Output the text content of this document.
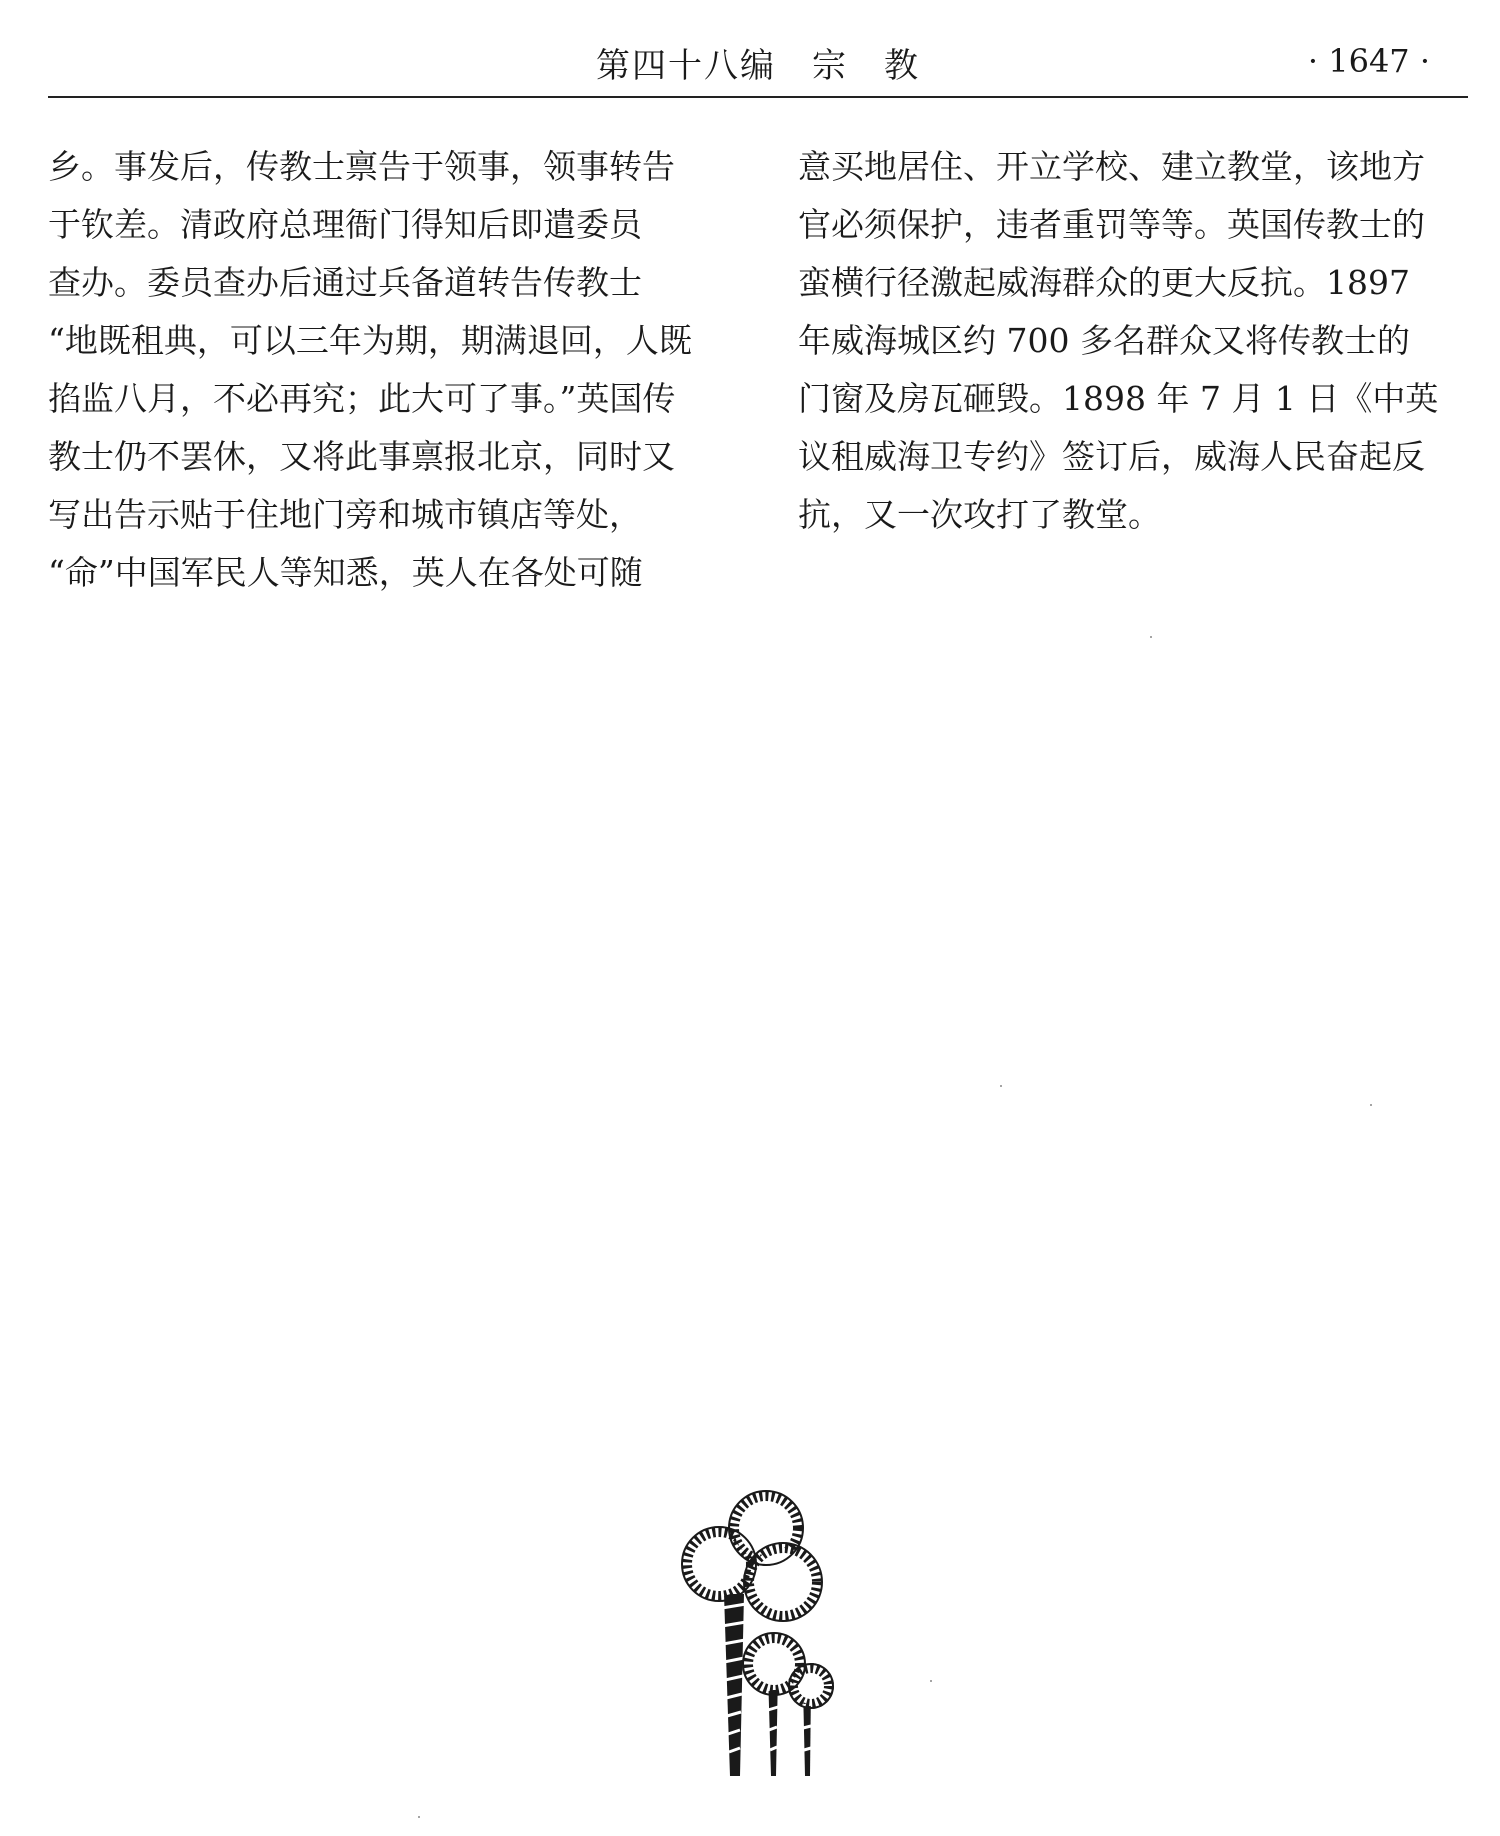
第四十八编　宗　教	· 1647 ·
乡。事发后，传教士禀告于领事，领事转告
于钦差。清政府总理衙门得知后即遣委员
查办。委员查办后通过兵备道转告传教士
“地既租典，可以三年为期，期满退回，人既
掐监八月，不必再究；此大可了事。”英国传
教士仍不罢休，又将此事禀报北京，同时又
写出告示贴于住地门旁和城市镇店等处，
“命”中国军民人等知悉，英人在各处可随
意买地居住、开立学校、建立教堂，该地方
官必须保护，违者重罚等等。英国传教士的
蛮横行径激起威海群众的更大反抗。1897
年威海城区约 700 多名群众又将传教士的
门窗及房瓦砸毁。1898 年 7 月 1 日《中英
议租威海卫专约》签订后，威海人民奋起反
抗，又一次攻打了教堂。
